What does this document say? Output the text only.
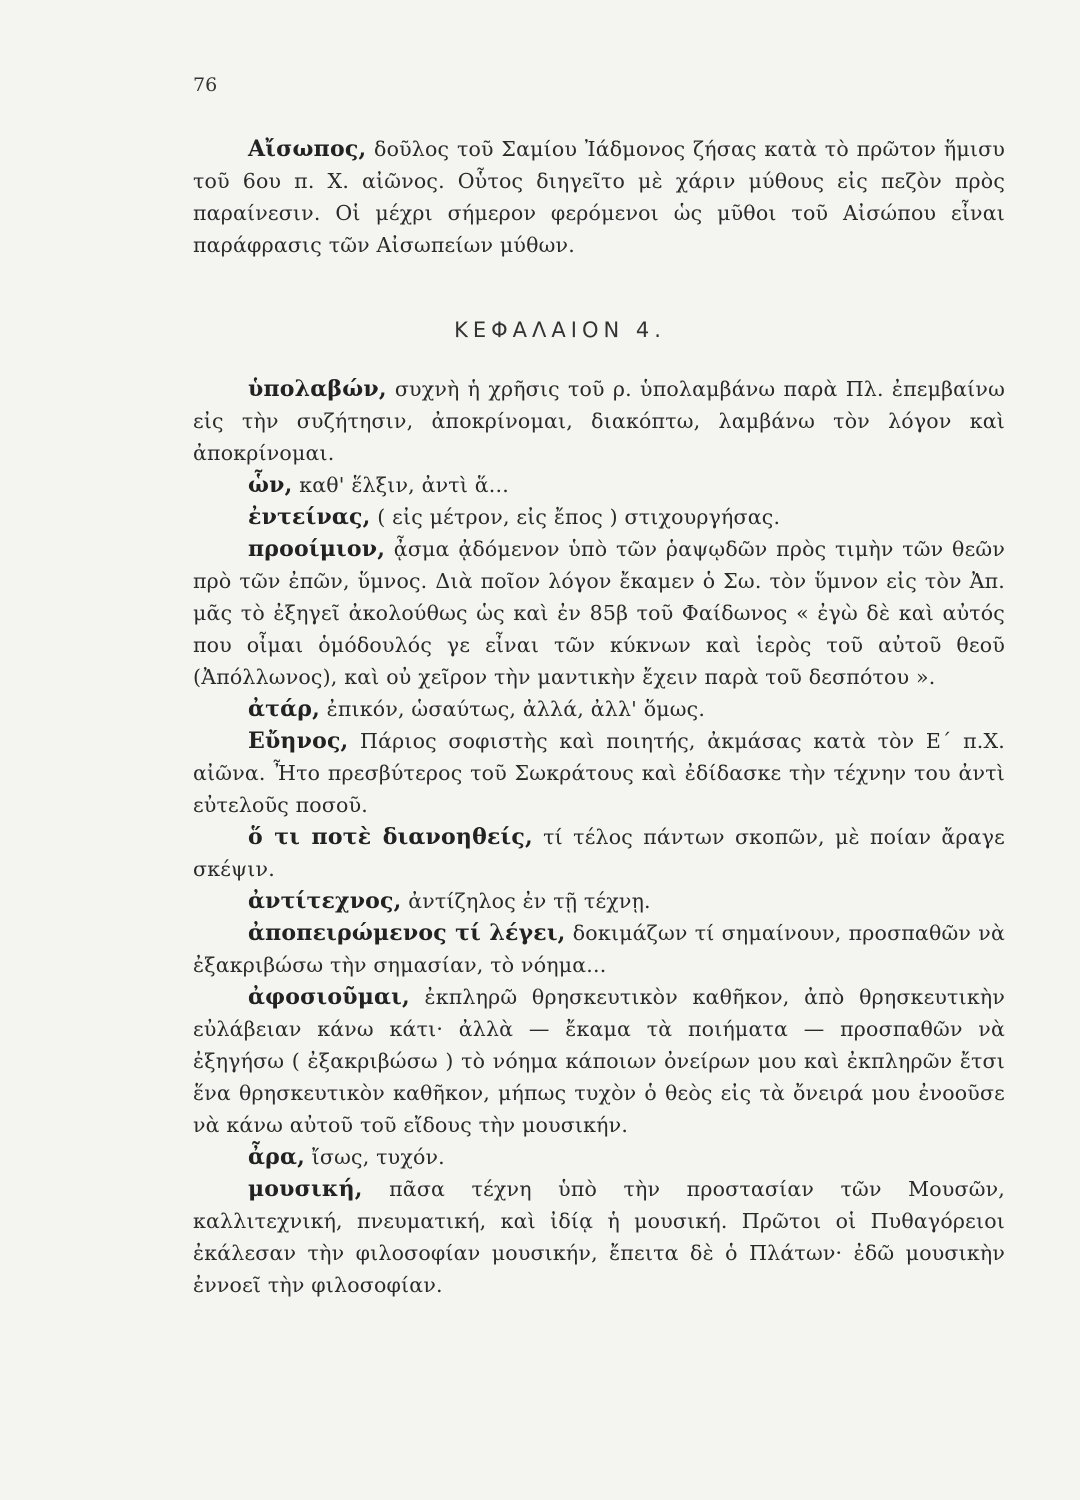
76

Αἴσωπος, δοῦλος τοῦ Σαμίου Ἰάδμονος ζήσας κατὰ τὸ πρῶτον ἥμισυ τοῦ 6ου π. Χ. αἰῶνος. Οὗτος διηγεῖτο μὲ χάριν μύθους εἰς πεζὸν πρὸς παραίνεσιν. Οἱ μέχρι σήμερον φερόμενοι ὡς μῦθοι τοῦ Αἰσώπου εἶναι παράφρασις τῶν Αἰσωπείων μύθων.

ΚΕΦΑΛΑΙΟΝ 4.

ὑπολαβών, συχνὴ ἡ χρῆσις τοῦ ρ. ὑπολαμβάνω παρὰ Πλ. ἐπεμβαίνω εἰς τὴν συζήτησιν, ἀποκρίνομαι, διακόπτω, λαμβάνω τὸν λόγον καὶ ἀποκρίνομαι.

ὧν, καθ' ἕλξιν, ἀντὶ ἅ...

ἐντείνας, ( εἰς μέτρον, εἰς ἔπος ) στιχουργήσας.

προοίμιον, ᾆσμα ᾀδόμενον ὑπὸ τῶν ῥαψῳδῶν πρὸς τιμὴν τῶν θεῶν πρὸ τῶν ἐπῶν, ὕμνος. Διὰ ποῖον λόγον ἔκαμεν ὁ Σω. τὸν ὕμνον εἰς τὸν Ἀπ. μᾶς τὸ ἐξηγεῖ ἀκολούθως ὡς καὶ ἐν 85β τοῦ Φαίδωνος « ἐγὼ δὲ καὶ αὐτός που οἶμαι ὁμόδουλός γε εἶναι τῶν κύκνων καὶ ἱερὸς τοῦ αὐτοῦ θεοῦ (Ἀπόλλωνος), καὶ οὐ χεῖρον τὴν μαντικὴν ἔχειν παρὰ τοῦ δεσπότου ».

ἀτάρ, ἐπικόν, ὡσαύτως, ἀλλά, ἀλλ' ὅμως.

Εὔηνος, Πάριος σοφιστὴς καὶ ποιητής, ἀκμάσας κατὰ τὸν Ε΄ π.Χ. αἰῶνα. Ἦτο πρεσβύτερος τοῦ Σωκράτους καὶ ἐδίδασκε τὴν τέχνην του ἀντὶ εὐτελοῦς ποσοῦ.

ὅ τι ποτὲ διανοηθείς, τί τέλος πάντων σκοπῶν, μὲ ποίαν ἄραγε σκέψιν.

ἀντίτεχνος, ἀντίζηλος ἐν τῇ τέχνῃ.

ἀποπειρώμενος τί λέγει, δοκιμάζων τί σημαίνουν, προσπαθῶν νὰ ἐξακριβώσω τὴν σημασίαν, τὸ νόημα...

ἀφοσιοῦμαι, ἐκπληρῶ θρησκευτικὸν καθῆκον, ἀπὸ θρησκευτικὴν εὐλάβειαν κάνω κάτι· ἀλλὰ — ἔκαμα τὰ ποιήματα — προσπαθῶν νὰ ἐξηγήσω ( ἐξακριβώσω ) τὸ νόημα κάποιων ὀνείρων μου καὶ ἐκπληρῶν ἔτσι ἕνα θρησκευτικὸν καθῆκον, μήπως τυχὸν ὁ θεὸς εἰς τὰ ὄνειρά μου ἐνοοῦσε νὰ κάνω αὐτοῦ τοῦ εἴδους τὴν μουσικήν.

ἆρα, ἴσως, τυχόν.

μουσική, πᾶσα τέχνη ὑπὸ τὴν προστασίαν τῶν Μουσῶν, καλλιτεχνική, πνευματική, καὶ ἰδίᾳ ἡ μουσική. Πρῶτοι οἱ Πυθαγόρειοι ἐκάλεσαν τὴν φιλοσοφίαν μουσικήν, ἔπειτα δὲ ὁ Πλάτων· ἐδῶ μουσικὴν ἐννοεῖ τὴν φιλοσοφίαν.
